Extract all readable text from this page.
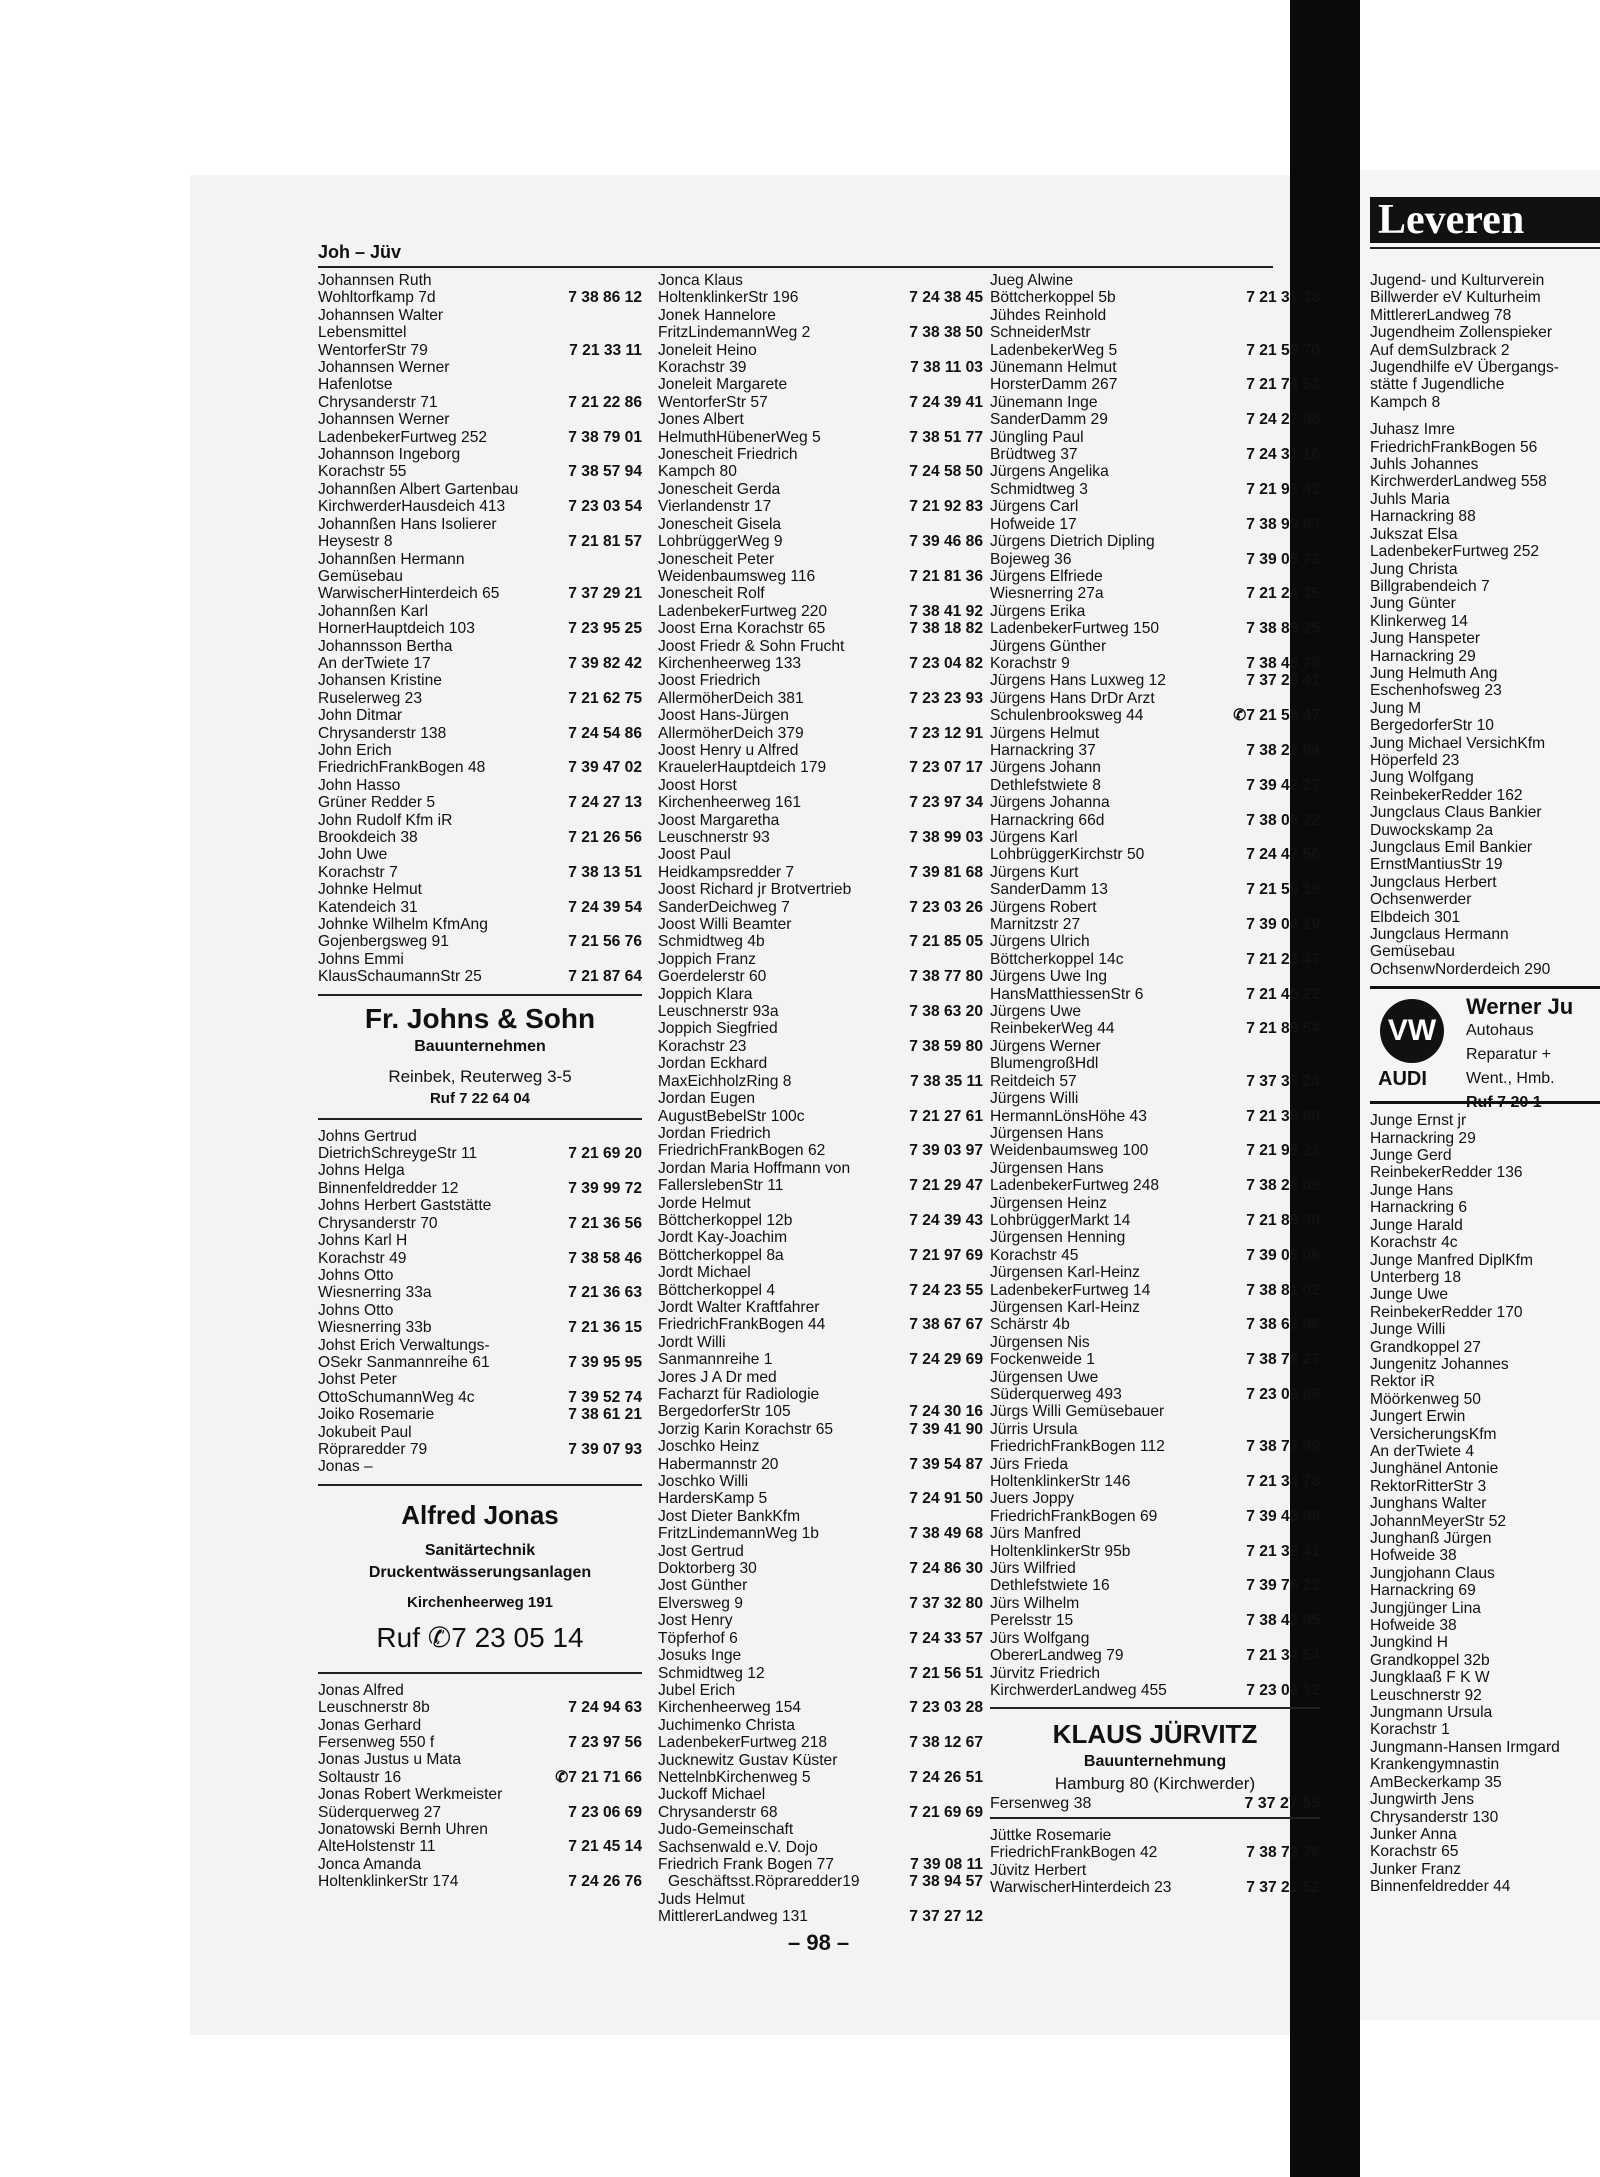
Joh – Jüv
Johannsen Ruth
Wohltorfkamp 7d	7 38 86 12
Johannsen Walter
Lebensmittel
WentorferStr 79	7 21 33 11
Johannsen Werner
Hafenlotse
Chrysanderstr 71	7 21 22 86
Johannsen Werner
LadenbekerFurtweg 252	7 38 79 01
Johannson Ingeborg
Korachstr 55	7 38 57 94
Johannßen Albert Gartenbau
KirchwerderHausdeich 413	7 23 03 54
Johannßen Hans Isolierer
Heysestr 8	7 21 81 57
Johannßen Hermann
Gemüsebau
WarwischerHinterdeich 65	7 37 29 21
Johannßen Karl
HornerHauptdeich 103	7 23 95 25
Johannsson Bertha
An derTwiete 17	7 39 82 42
Johansen Kristine
Ruselerweg 23	7 21 62 75
John Ditmar
Chrysanderstr 138	7 24 54 86
John Erich
FriedrichFrankBogen 48	7 39 47 02
John Hasso
Grüner Redder 5	7 24 27 13
John Rudolf Kfm iR
Brookdeich 38	7 21 26 56
John Uwe
Korachstr 7	7 38 13 51
Johnke Helmut
Katendeich 31	7 24 39 54
Johnke Wilhelm KfmAng
Gojenbergsweg 91	7 21 56 76
Johns Emmi
KlausSchaumannStr 25	7 21 87 64
Fr. Johns & Sohn
Bauunternehmen
Reinbek, Reuterweg 3-5
Ruf 7 22 64 04
Johns Gertrud
DietrichSchreygeStr 11	7 21 69 20
Johns Helga
Binnenfeldredder 12	7 39 99 72
Johns Herbert Gaststätte
Chrysanderstr 70	7 21 36 56
Johns Karl H
Korachstr 49	7 38 58 46
Johns Otto
Wiesnerring 33a	7 21 36 63
Johns Otto
Wiesnerring 33b	7 21 36 15
Johst Erich Verwaltungs-
OSekr Sanmannreihe 61	7 39 95 95
Johst Peter
OttoSchumannWeg 4c	7 39 52 74
Joiko Rosemarie	7 38 61 21
Jokubeit Paul
Röpraredder 79	7 39 07 93
Jonas –
Alfred Jonas
Sanitärtechnik
Druckentwässerungsanlagen
Kirchenheerweg 191
Ruf ✆7 23 05 14
Jonas Alfred
Leuschnerstr 8b	7 24 94 63
Jonas Gerhard
Fersenweg 550 f	7 23 97 56
Jonas Justus u Mata
Soltaustr 16	✆7 21 71 66
Jonas Robert Werkmeister
Süderquerweg 27	7 23 06 69
Jonatowski Bernh Uhren
AlteHolstenstr 11	7 21 45 14
Jonca Amanda
HoltenklinkerStr 174	7 24 26 76
Jonca Klaus
HoltenklinkerStr 196	7 24 38 45
Jonek Hannelore
FritzLindemannWeg 2	7 38 38 50
Joneleit Heino
Korachstr 39	7 38 11 03
Joneleit Margarete
WentorferStr 57	7 24 39 41
Jones Albert
HelmuthHübenerWeg 5	7 38 51 77
Jonescheit Friedrich
Kampch 80	7 24 58 50
Jonescheit Gerda
Vierlandenstr 17	7 21 92 83
Jonescheit Gisela
LohbrüggerWeg 9	7 39 46 86
Jonescheit Peter
Weidenbaumsweg 116	7 21 81 36
Jonescheit Rolf
LadenbekerFurtweg 220	7 38 41 92
Joost Erna Korachstr 65	7 38 18 82
Joost Friedr & Sohn Frucht
Kirchenheerweg 133	7 23 04 82
Joost Friedrich
AllermöherDeich 381	7 23 23 93
Joost Hans-Jürgen
AllermöherDeich 379	7 23 12 91
Joost Henry u Alfred
KrauelerHauptdeich 179	7 23 07 17
Joost Horst
Kirchenheerweg 161	7 23 97 34
Joost Margaretha
Leuschnerstr 93	7 38 99 03
Joost Paul
Heidkampsredder 7	7 39 81 68
Joost Richard jr Brotvertrieb
SanderDeichweg 7	7 23 03 26
Joost Willi Beamter
Schmidtweg 4b	7 21 85 05
Joppich Franz
Goerdelerstr 60	7 38 77 80
Joppich Klara
Leuschnerstr 93a	7 38 63 20
Joppich Siegfried
Korachstr 23	7 38 59 80
Jordan Eckhard
MaxEichholzRing 8	7 38 35 11
Jordan Eugen
AugustBebelStr 100c	7 21 27 61
Jordan Friedrich
FriedrichFrankBogen 62	7 39 03 97
Jordan Maria Hoffmann von
FallerslebenStr 11	7 21 29 47
Jorde Helmut
Böttcherkoppel 12b	7 24 39 43
Jordt Kay-Joachim
Böttcherkoppel 8a	7 21 97 69
Jordt Michael
Böttcherkoppel 4	7 24 23 55
Jordt Walter Kraftfahrer
FriedrichFrankBogen 44	7 38 67 67
Jordt Willi
Sanmannreihe 1	7 24 29 69
Jores J A Dr med
Facharzt für Radiologie
BergedorferStr 105	7 24 30 16
Jorzig Karin Korachstr 65	7 39 41 90
Joschko Heinz
Habermannstr 20	7 39 54 87
Joschko Willi
HardersKamp 5	7 24 91 50
Jost Dieter BankKfm
FritzLindemannWeg 1b	7 38 49 68
Jost Gertrud
Doktorberg 30	7 24 86 30
Jost Günther
Elversweg 9	7 37 32 80
Jost Henry
Töpferhof 6	7 24 33 57
Josuks Inge
Schmidtweg 12	7 21 56 51
Jubel Erich
Kirchenheerweg 154	7 23 03 28
Juchimenko Christa
LadenbekerFurtweg 218	7 38 12 67
Jucknewitz Gustav Küster
NettelnbKirchenweg 5	7 24 26 51
Juckoff Michael
Chrysanderstr 68	7 21 69 69
Judo-Gemeinschaft
Sachsenwald e.V. Dojo
Friedrich Frank Bogen 77	7 39 08 11
Geschäftsst.Röpraredder19	7 38 94 57
Juds Helmut
MittlererLandweg 131	7 37 27 12
Jueg Alwine
Böttcherkoppel 5b	7 21 31 38
Jühdes Reinhold
SchneiderMstr
LadenbekerWeg 5	7 21 59 70
Jünemann Helmut
HorsterDamm 267	7 21 74 53
Jünemann Inge
SanderDamm 29	7 24 27 96
Jüngling Paul
Brüdtweg 37	7 24 31 16
Jürgens Angelika
Schmidtweg 3	7 21 93 42
Jürgens Carl
Hofweide 17	7 38 99 83
Jürgens Dietrich Dipling
Bojeweg 36	7 39 08 73
Jürgens Elfriede
Wiesnerring 27a	7 21 24 35
Jürgens Erika
LadenbekerFurtweg 150	7 38 83 25
Jürgens Günther
Korachstr 9	7 38 48 78
Jürgens Hans Luxweg 12	7 37 29 41
Jürgens Hans DrDr Arzt
Schulenbrooksweg 44	✆7 21 55 47
Jürgens Helmut
Harnackring 37	7 38 22 84
Jürgens Johann
Dethlefstwiete 8	7 39 42 27
Jürgens Johanna
Harnackring 66d	7 38 06 22
Jürgens Karl
LohbrüggerKirchstr 50	7 24 47 56
Jürgens Kurt
SanderDamm 13	7 21 59 19
Jürgens Robert
Marnitzstr 27	7 39 04 19
Jürgens Ulrich
Böttcherkoppel 14c	7 21 23 47
Jürgens Uwe Ing
HansMatthiessenStr 6	7 21 49 22
Jürgens Uwe
ReinbekerWeg 44	7 21 88 54
Jürgens Werner
BlumengroßHdl
Reitdeich 57	7 37 38 24
Jürgens Willi
HermannLönsHöhe 43	7 21 38 80
Jürgensen Hans
Weidenbaumsweg 100	7 21 96 23
Jürgensen Hans
LadenbekerFurtweg 248	7 38 28 09
Jürgensen Heinz
LohbrüggerMarkt 14	7 21 88 30
Jürgensen Henning
Korachstr 45	7 39 06 06
Jürgensen Karl-Heinz
LadenbekerFurtweg 14	7 38 81 02
Jürgensen Karl-Heinz
Schärstr 4b	7 38 62 06
Jürgensen Nis
Fockenweide 1	7 38 78 27
Jürgensen Uwe
Süderquerweg 493	7 23 09 86
Jürgs Willi Gemüsebauer
Jürris Ursula
FriedrichFrankBogen 112	7 38 72 49
Jürs Frieda
HoltenklinkerStr 146	7 21 34 78
Juers Joppy
FriedrichFrankBogen 69	7 39 43 98
Jürs Manfred
HoltenklinkerStr 95b	7 21 39 41
Jürs Wilfried
Dethlefstwiete 16	7 39 76 22
Jürs Wilhelm
Perelsstr 15	7 38 42 95
Jürs Wolfgang
ObererLandweg 79	7 21 34 54
Jürvitz Friedrich
KirchwerderLandweg 455	7 23 08 12
KLAUS JÜRVITZ
Bauunternehmung
Hamburg 80 (Kirchwerder)
Fersenweg 38	7 37 27 55
Jüttke Rosemarie
FriedrichFrankBogen 42	7 38 72 76
Jüvitz Herbert
WarwischerHinterdeich 23	7 37 21 52
Leveren
Jugend- und Kulturverein
Billwerder eV Kulturheim
MittlererLandweg 78
Jugendheim Zollenspieker
Auf demSulzbrack 2
Jugendhilfe eV Übergangs-
stätte f Jugendliche
Kampch 8
Juhasz Imre
FriedrichFrankBogen 56
Juhls Johannes
KirchwerderLandweg 558
Juhls Maria
Harnackring 88
Jukszat Elsa
LadenbekerFurtweg 252
Jung Christa
Billgrabendeich 7
Jung Günter
Klinkerweg 14
Jung Hanspeter
Harnackring 29
Jung Helmuth Ang
Eschenhofsweg 23
Jung M
BergedorferStr 10
Jung Michael VersichKfm
Höperfeld 23
Jung Wolfgang
ReinbekerRedder 162
Jungclaus Claus Bankier
Duwockskamp 2a
Jungclaus Emil Bankier
ErnstMantiusStr 19
Jungclaus Herbert
Ochsenwerder
Elbdeich 301
Jungclaus Hermann
Gemüsebau
OchsenwNorderdeich 290
VW
AUDI
Werner Ju
Autohaus
Reparatur +
Went., Hmb.
Ruf 7 20 1
Junge Ernst jr
Harnackring 29
Junge Gerd
ReinbekerRedder 136
Junge Hans
Harnackring 6
Junge Harald
Korachstr 4c
Junge Manfred DiplKfm
Unterberg 18
Junge Uwe
ReinbekerRedder 170
Junge Willi
Grandkoppel 27
Jungenitz Johannes
Rektor iR
Möörkenweg 50
Jungert Erwin
VersicherungsKfm
An derTwiete 4
Junghänel Antonie
RektorRitterStr 3
Junghans Walter
JohannMeyerStr 52
Junghanß Jürgen
Hofweide 38
Jungjohann Claus
Harnackring 69
Jungjünger Lina
Hofweide 38
Jungkind H
Grandkoppel 32b
Jungklaaß F K W
Leuschnerstr 92
Jungmann Ursula
Korachstr 1
Jungmann-Hansen Irmgard
Krankengymnastin
AmBeckerkamp 35
Jungwirth Jens
Chrysanderstr 130
Junker Anna
Korachstr 65
Junker Franz
Binnenfeldredder 44
– 98 –
